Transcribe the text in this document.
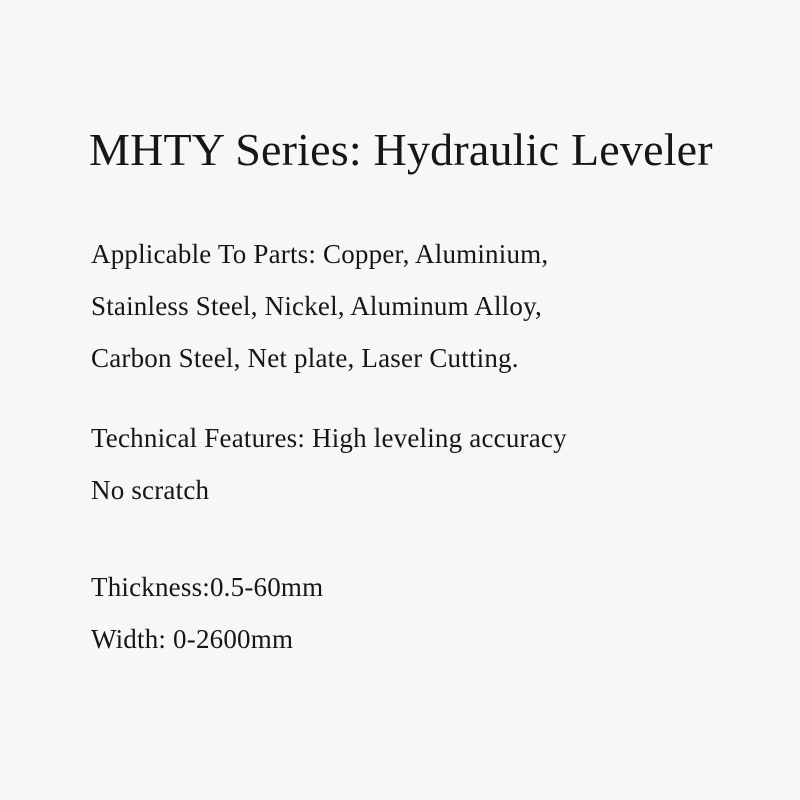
MHTY Series: Hydraulic Leveler
Applicable To Parts: Copper, Aluminium,
Stainless Steel, Nickel, Aluminum Alloy,
Carbon Steel, Net plate, Laser Cutting.
Technical Features: High leveling accuracy
No scratch
Thickness:0.5-60mm
Width: 0-2600mm
